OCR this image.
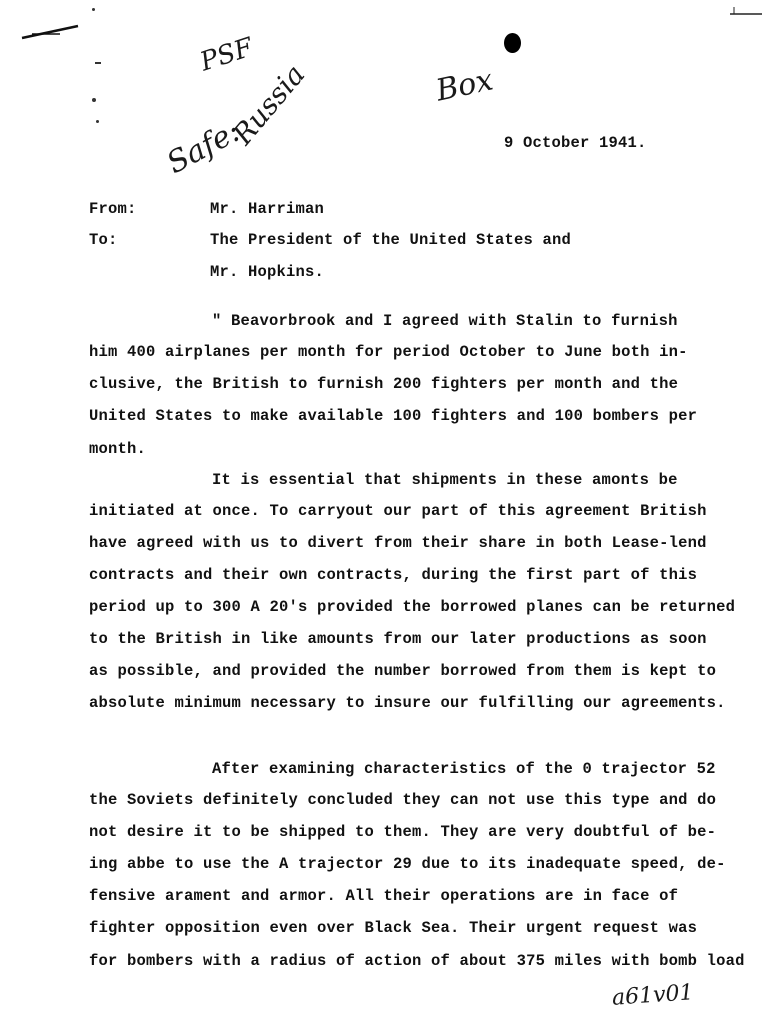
PSF
Safe:
Russia	Box
a61v01
9 October 1941.
From:	Mr. Harriman
To:	The President of the United States and
Mr. Hopkins.
" Beavorbrook and I agreed with Stalin to furnish
him 400 airplanes per month for period October to June both in-
clusive, the British to furnish 200 fighters per month and the
United States to make available 100 fighters and 100 bombers per
month.
It is essential that shipments in these amonts be
initiated at once. To carryout our part of this agreement British
have agreed with us to divert from their share in both Lease-lend
contracts and their own contracts, during the first part of this
period up to 300 A 20's provided the borrowed planes can be returned
to the British in like amounts from our later productions as soon
as possible, and provided the number borrowed from them is kept to
absolute minimum necessary to insure our fulfilling our agreements.
After examining characteristics of the 0 trajector 52
the Soviets definitely concluded they can not use this type and do
not desire it to be shipped to them. They are very doubtful of be-
ing abbe to use the A trajector 29 due to its inadequate speed, de-
fensive arament and armor. All their operations are in face of
fighter opposition even over Black Sea. Their urgent request was
for bombers with a radius of action of about 375 miles with bomb load
